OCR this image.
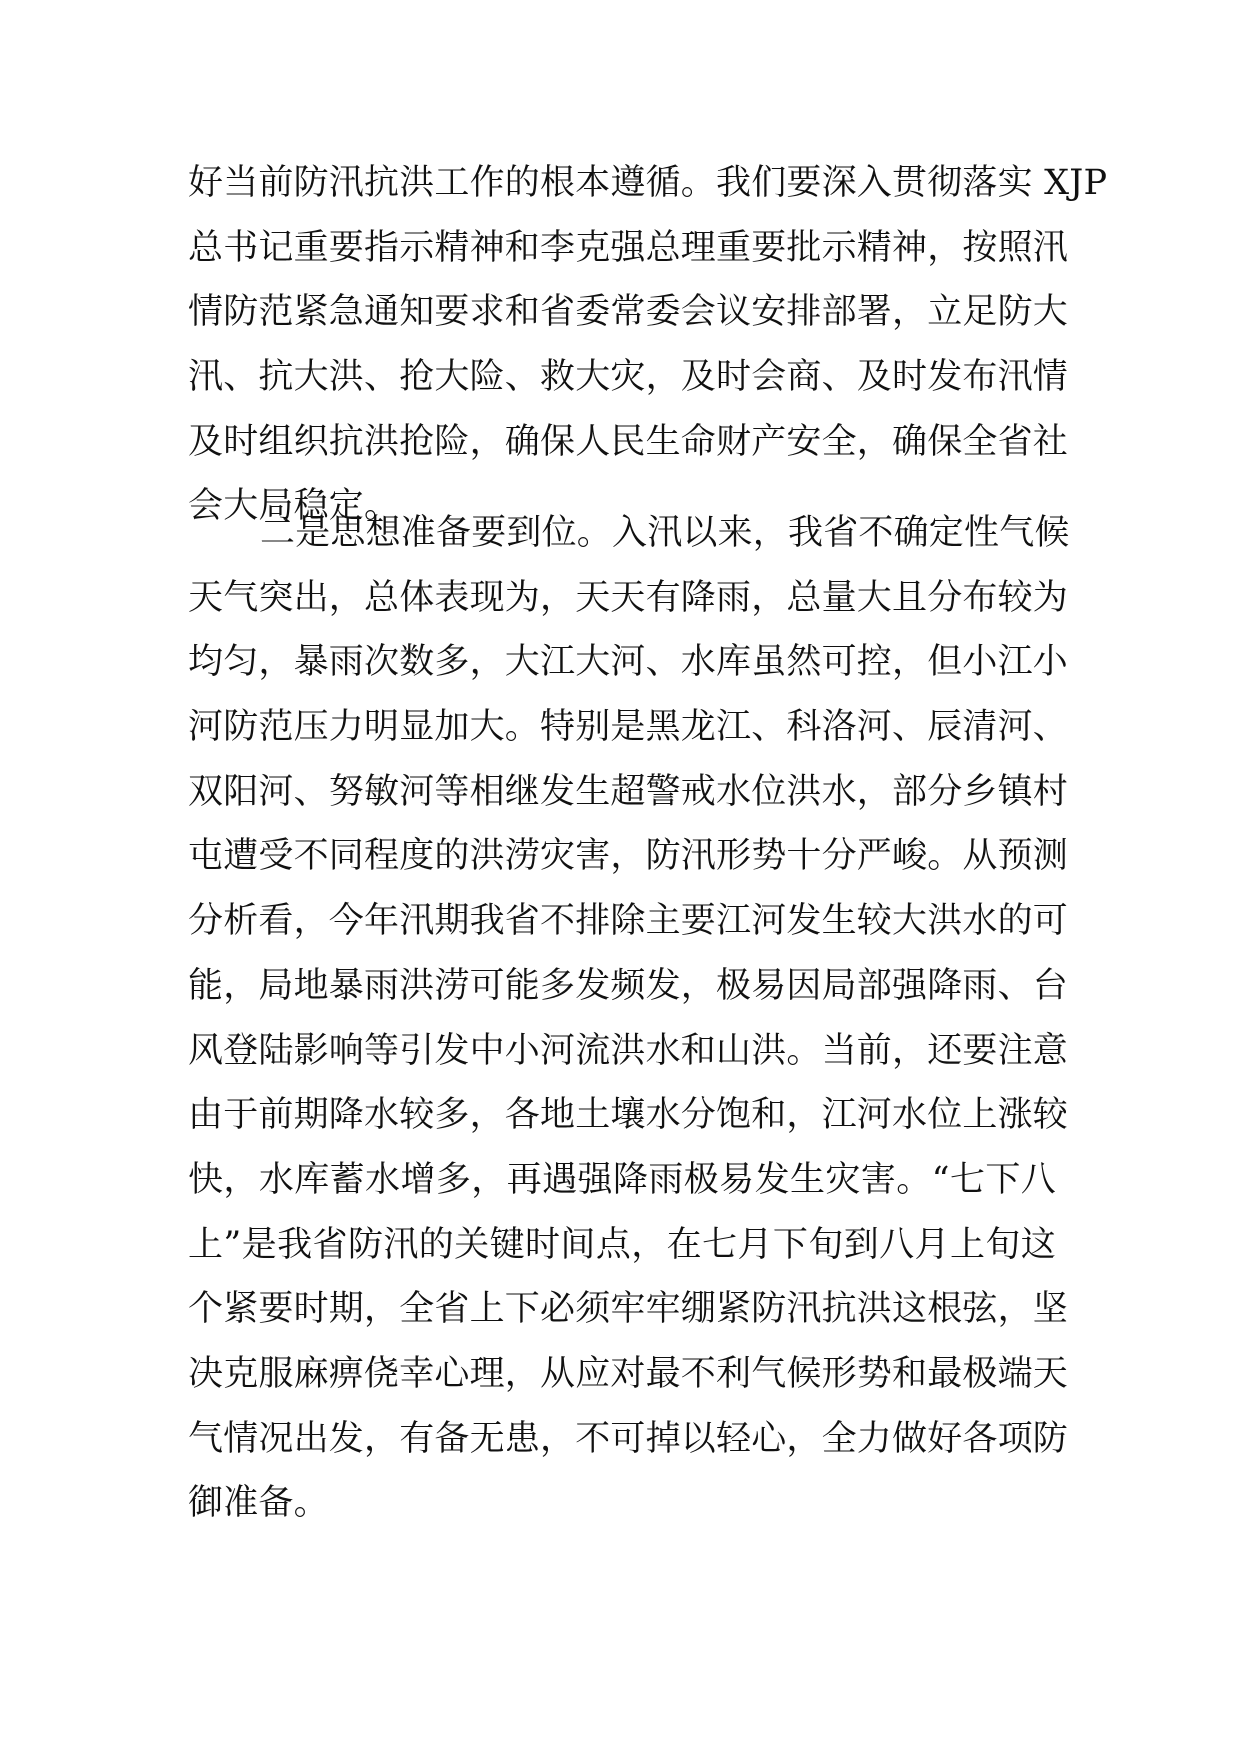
好当前防汛抗洪工作的根本遵循。我们要深入贯彻落实 XJP
总书记重要指示精神和李克强总理重要批示精神，按照汛
情防范紧急通知要求和省委常委会议安排部署，立足防大
汛、抗大洪、抢大险、救大灾，及时会商、及时发布汛情
及时组织抗洪抢险，确保人民生命财产安全，确保全省社
会大局稳定。
二是思想准备要到位。入汛以来，我省不确定性气候
天气突出，总体表现为，天天有降雨，总量大且分布较为
均匀，暴雨次数多，大江大河、水库虽然可控，但小江小
河防范压力明显加大。特别是黑龙江、科洛河、辰清河、
双阳河、努敏河等相继发生超警戒水位洪水，部分乡镇村
屯遭受不同程度的洪涝灾害，防汛形势十分严峻。从预测
分析看，今年汛期我省不排除主要江河发生较大洪水的可
能，局地暴雨洪涝可能多发频发，极易因局部强降雨、台
风登陆影响等引发中小河流洪水和山洪。当前，还要注意
由于前期降水较多，各地土壤水分饱和，江河水位上涨较
快，水库蓄水增多，再遇强降雨极易发生灾害。“七下八
上”是我省防汛的关键时间点，在七月下旬到八月上旬这
个紧要时期，全省上下必须牢牢绷紧防汛抗洪这根弦，坚
决克服麻痹侥幸心理，从应对最不利气候形势和最极端天
气情况出发，有备无患，不可掉以轻心，全力做好各项防
御准备。
